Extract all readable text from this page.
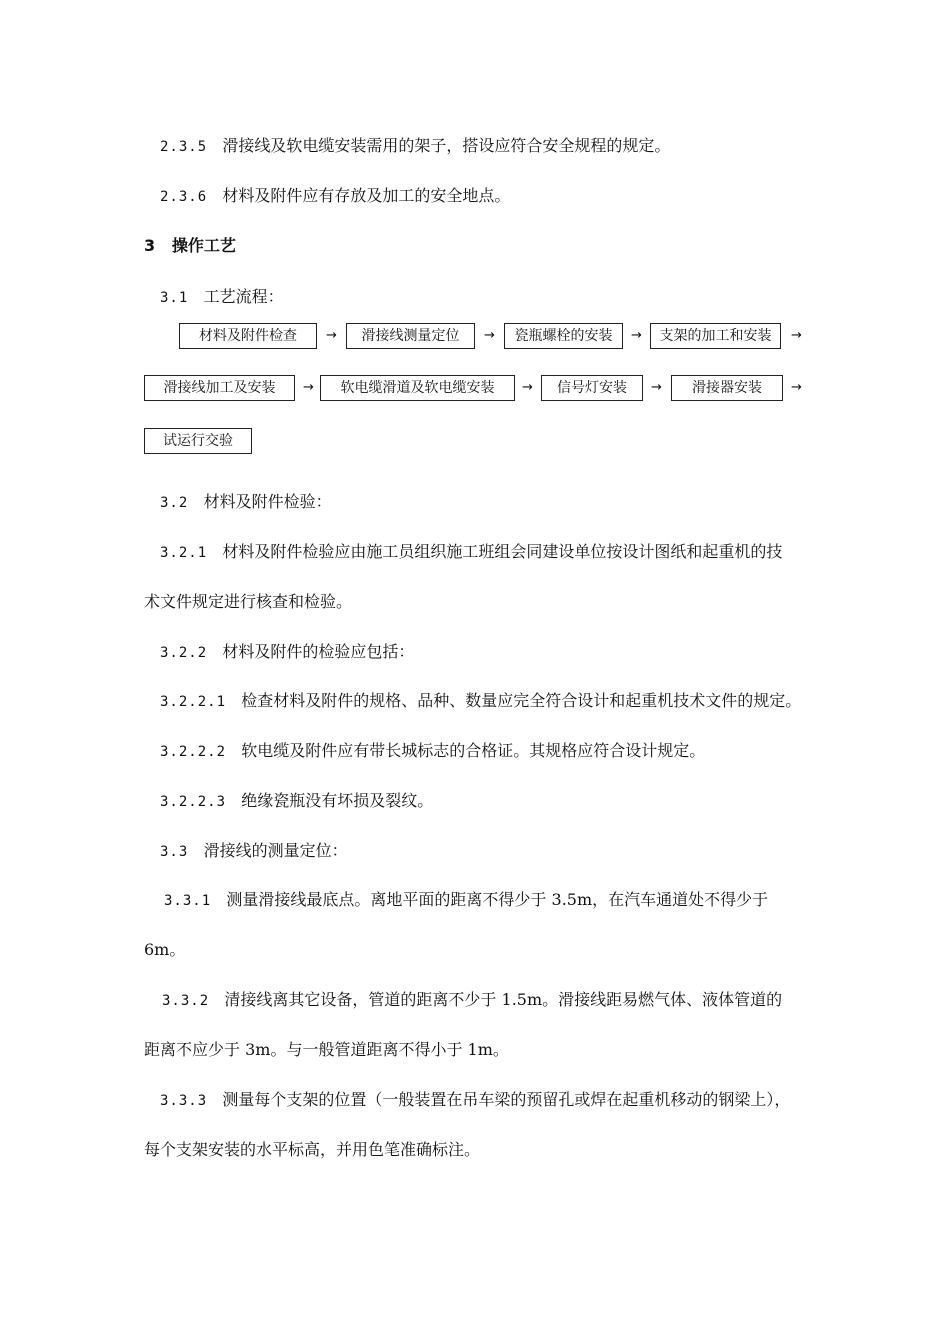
2.3.5 滑接线及软电缆安装需用的架子，搭设应符合安全规程的规定。
2.3.6 材料及附件应有存放及加工的安全地点。
3 操作工艺
3.1 工艺流程：
材料及附件检查	→	滑接线测量定位	→	瓷瓶螺栓的安装	→	支架的加工和安装	→
滑接线加工及安装	→	软电缆滑道及软电缆安装	→	信号灯安装	→	滑接器安装	→
试运行交验
3.2 材料及附件检验：
3.2.1 材料及附件检验应由施工员组织施工班组会同建设单位按设计图纸和起重机的技
术文件规定进行核查和检验。
3.2.2 材料及附件的检验应包括：
3.2.2.1 检查材料及附件的规格、品种、数量应完全符合设计和起重机技术文件的规定。
3.2.2.2 软电缆及附件应有带长城标志的合格证。其规格应符合设计规定。
3.2.2.3 绝缘瓷瓶没有坏损及裂纹。
3.3 滑接线的测量定位：
3.3.1 测量滑接线最底点。离地平面的距离不得少于 3.5m，在汽车通道处不得少于
6m。
3.3.2 清接线离其它设备，管道的距离不少于 1.5m。滑接线距易燃气体、液体管道的
距离不应少于 3m。与一般管道距离不得小于 1m。
3.3.3 测量每个支架的位置（一般装置在吊车梁的预留孔或焊在起重机移动的钢梁上），
每个支架安装的水平标高，并用色笔准确标注。
